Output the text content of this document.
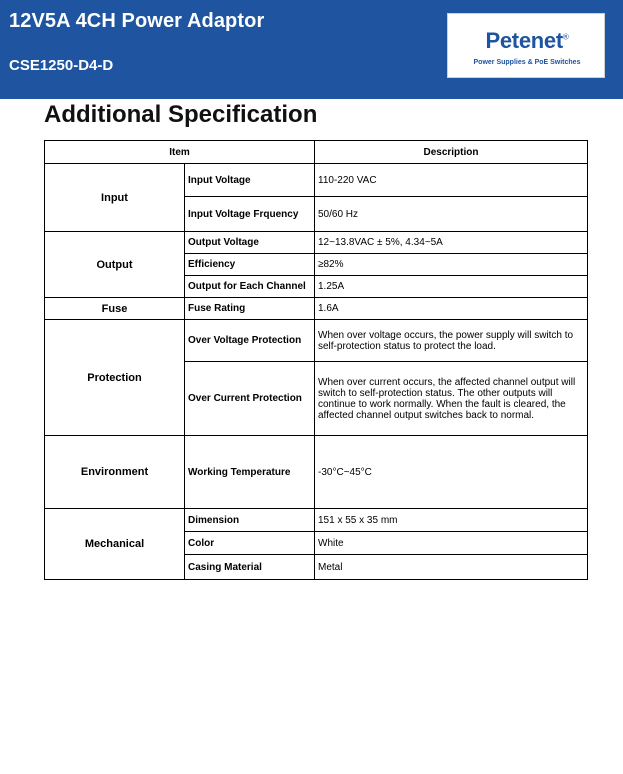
12V5A 4CH Power Adaptor
CSE1250-D4-D
Petenet®
Power Supplies & PoE Switches
Additional Specification
Item		Description
Input	Input Voltage	110-220 VAC
	Input Voltage Frquency	50/60 Hz
Output	Output Voltage	12~13.8VAC ± 5%, 4.34~5A
	Efficiency	≥82%
	Output for Each Channel	1.25A
Fuse	Fuse Rating	1.6A
Protection	Over Voltage Protection	When over voltage occurs, the power supply will switch to self-protection status to protect the load.
	Over Current Protection	When over current occurs, the affected channel output will switch to self-protection status. The other outputs will continue to work normally. When the fault is cleared, the affected channel output switches back to normal.
Environment	Working Temperature	-30°C~45°C
Mechanical	Dimension	151 x 55 x 35 mm
	Color	White
	Casing Material	Metal
